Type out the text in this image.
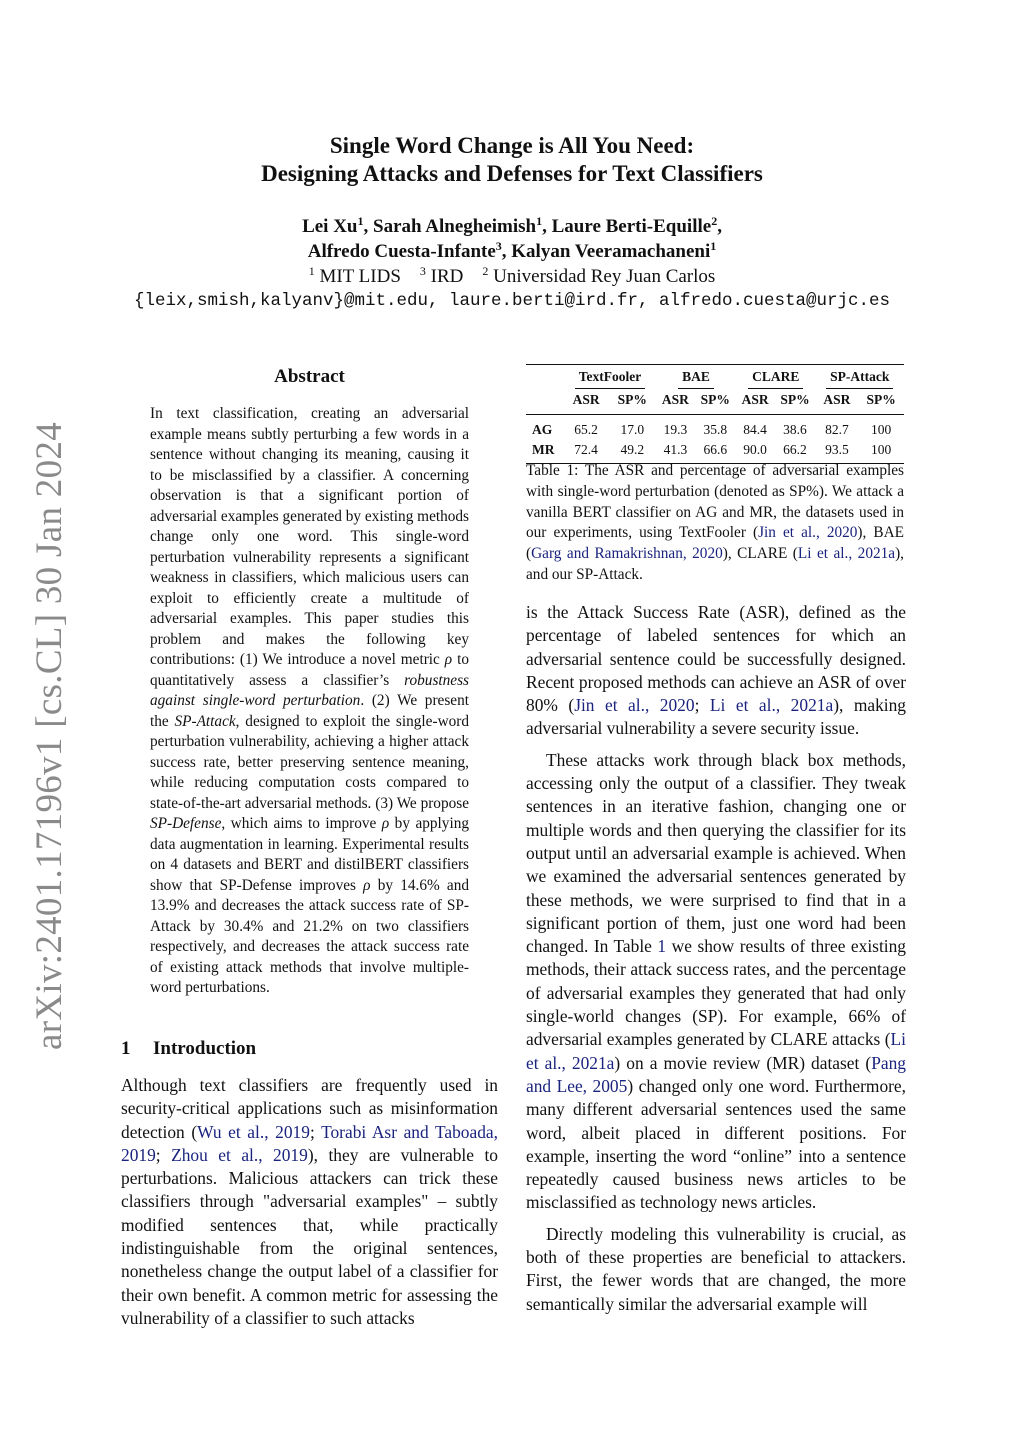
arXiv:2401.17196v1 [cs.CL] 30 Jan 2024
Single Word Change is All You Need:
Designing Attacks and Defenses for Text Classifiers
Lei Xu$^1$, Sarah Alnegheimish$^1$, Laure Berti-Equille$^2$,
Alfredo Cuesta-Infante$^3$, Kalyan Veeramachaneni$^1$
$^1$ MIT LIDS $^3$ IRD $^2$ Universidad Rey Juan Carlos
{leix,smish,kalyanv}@mit.edu, laure.berti@ird.fr, alfredo.cuesta@urjc.es
Abstract
In text classification, creating an adversarial example means subtly perturbing a few words in a sentence without changing its meaning, causing it to be misclassified by a classifier. A concerning observation is that a significant portion of adversarial examples generated by existing methods change only one word. This single-word perturbation vulnerability represents a significant weakness in classifiers, which malicious users can exploit to efficiently create a multitude of adversarial examples. This paper studies this problem and makes the following key contributions: (1) We introduce a novel metric ρ to quantitatively assess a classifier’s robustness against single-word perturbation. (2) We present the SP-Attack, designed to exploit the single-word perturbation vulnerability, achieving a higher attack success rate, better preserving sentence meaning, while reducing computation costs compared to state-of-the-art adversarial methods. (3) We propose SP-Defense, which aims to improve ρ by applying data augmentation in learning. Experimental results on 4 datasets and BERT and distilBERT classifiers show that SP-Defense improves ρ by 14.6% and 13.9% and decreases the attack success rate of SP-Attack by 30.4% and 21.2% on two classifiers respectively, and decreases the attack success rate of existing attack methods that involve multiple-word perturbations.
1 Introduction
Although text classifiers are frequently used in security-critical applications such as misinformation detection (Wu et al., 2019; Torabi Asr and Taboada, 2019; Zhou et al., 2019), they are vulnerable to perturbations. Malicious attackers can trick these classifiers through "adversarial examples" – subtly modified sentences that, while practically indistinguishable from the original sentences, nonetheless change the output label of a classifier for their own benefit. A common metric for assessing the vulnerability of a classifier to such attacks
	TextFooler		BAE		CLARE		SP-Attack	
	ASR	SP%	ASR	SP%	ASR	SP%	ASR	SP%
AG	65.2	17.0	19.3	35.8	84.4	38.6	82.7	100
MR	72.4	49.2	41.3	66.6	90.0	66.2	93.5	100
Table 1: The ASR and percentage of adversarial examples with single-word perturbation (denoted as SP%). We attack a vanilla BERT classifier on AG and MR, the datasets used in our experiments, using TextFooler (Jin et al., 2020), BAE (Garg and Ramakrishnan, 2020), CLARE (Li et al., 2021a), and our SP-Attack.

is the Attack Success Rate (ASR), defined as the percentage of labeled sentences for which an adversarial sentence could be successfully designed. Recent proposed methods can achieve an ASR of over 80% (Jin et al., 2020; Li et al., 2021a), making adversarial vulnerability a severe security issue.

These attacks work through black box methods, accessing only the output of a classifier. They tweak sentences in an iterative fashion, changing one or multiple words and then querying the classifier for its output until an adversarial example is achieved. When we examined the adversarial sentences generated by these methods, we were surprised to find that in a significant portion of them, just one word had been changed. In Table 1 we show results of three existing methods, their attack success rates, and the percentage of adversarial examples they generated that had only single-world changes (SP). For example, 66% of adversarial examples generated by CLARE attacks (Li et al., 2021a) on a movie review (MR) dataset (Pang and Lee, 2005) changed only one word. Furthermore, many different adversarial sentences used the same word, albeit placed in different positions. For example, inserting the word “online” into a sentence repeatedly caused business news articles to be misclassified as technology news articles.

Directly modeling this vulnerability is crucial, as both of these properties are beneficial to attackers. First, the fewer words that are changed, the more semantically similar the adversarial example will
